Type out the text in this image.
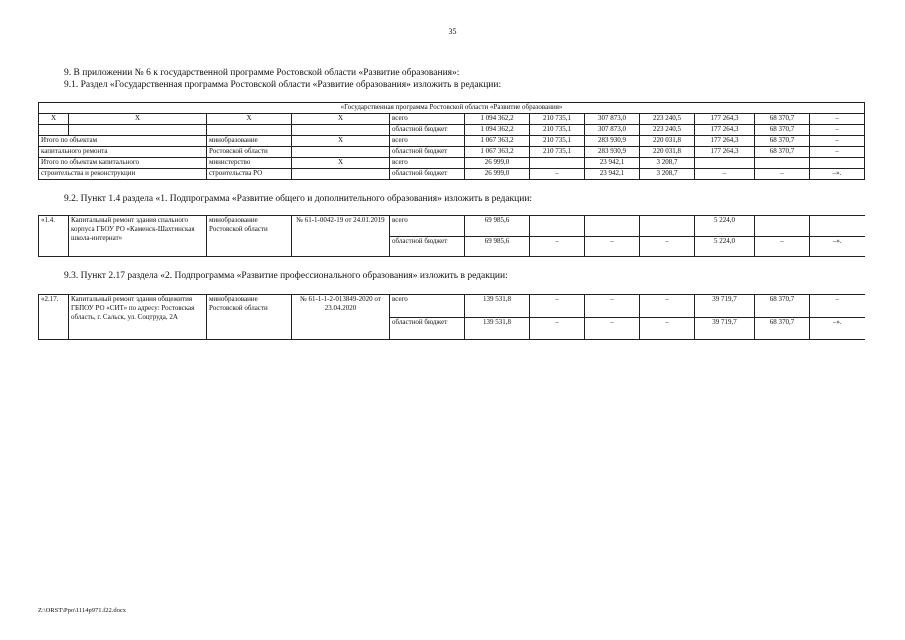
35
9. В приложении № 6 к государственной программе Ростовской области «Развитие образования»:
9.1. Раздел «Государственная программа Ростовской области «Развитие образования» изложить в редакции:
«Государственная программа Ростовской области «Развитие образования»											
X	X	X	X	всего	1 094 362,2	210 735,1	307 873,0	223 240,5	177 264,3	68 370,7	–
				областной бюджет	1 094 362,2	210 735,1	307 873,0	223 240,5	177 264,3	68 370,7	–
Итого по объектам		минобразование	X	всего	1 067 363,2	210 735,1	283 930,9	220 031,8	177 264,3	68 370,7	–
капитального ремонта		Ростовской области		областной бюджет	1 067 363,2	210 735,1	283 930,9	220 031,8	177 264,3	68 370,7	–
Итого по объектам капитального		министерство	X	всего	26 999,0		23 942,1	3 208,7			
строительства и реконструкции		строительства РО		областной бюджет	26 999,0	–	23 942,1	3 208,7	–	–	–».
9.2. Пункт 1.4 раздела «1. Подпрограмма «Развитие общего и дополнительного образования» изложить в редакции:
«1.4.	Капитальный ремонт здания спального корпуса ГБОУ РО «Каменск-Шахтинская школа-интернат»	минобразование Ростовской области	№ 61-1-0042-19 от 24.01.2019	всего	69 985,6				5 224,0		
				областной бюджет	69 985,6	–	–	–	5 224,0	–	–».
9.3. Пункт 2.17 раздела «2. Подпрограмма «Развитие профессионального образования» изложить в редакции:
«2.17.	Капитальный ремонт здания общежития ГБПОУ РО «СИТ» по адресу: Ростовская область, г. Сальск, ул. Соцтруда, 2А	минобразование Ростовской области	№ 61-1-1-2-013849-2020 от 23.04.2020	всего	139 531,8	–	–	–	39 719,7	68 370,7	–
				областной бюджет	139 531,8	–	–	–	39 719,7	68 370,7	–».
Z:\ORST\Ppo\1114p971.f22.docx
